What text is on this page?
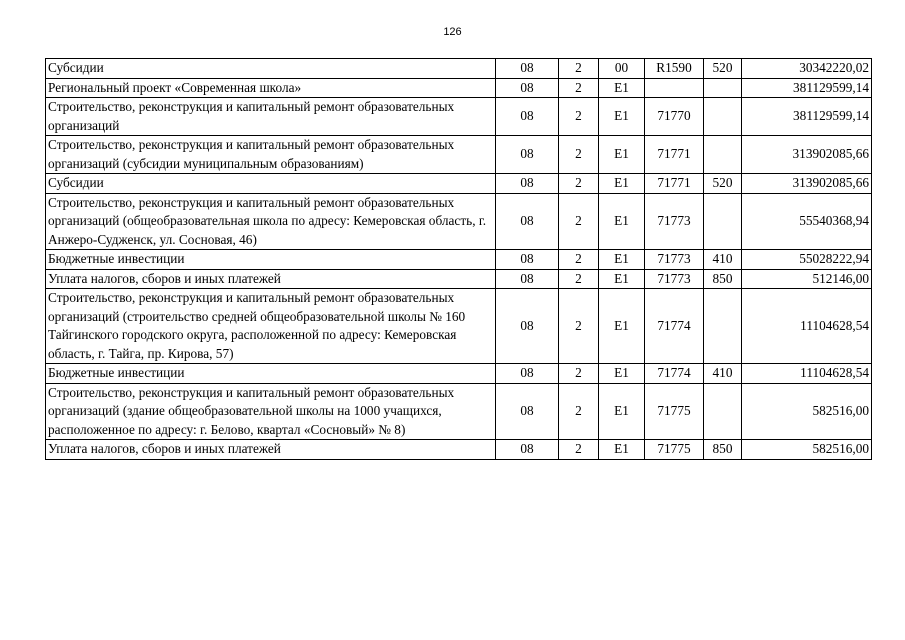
126
Субсидии	08	2	00	R1590	520	30342220,02
Региональный проект «Современная школа»	08	2	E1			381129599,14
Строительство, реконструкция и капитальный ремонт образовательных организаций	08	2	E1	71770		381129599,14
Строительство, реконструкция и капитальный ремонт образовательных организаций (субсидии муниципальным образованиям)	08	2	E1	71771		313902085,66
Субсидии	08	2	E1	71771	520	313902085,66
Строительство, реконструкция и капитальный ремонт образовательных организаций (общеобразовательная школа по адресу: Кемеровская область, г. Анжеро-Судженск, ул. Сосновая, 46)	08	2	E1	71773		55540368,94
Бюджетные инвестиции	08	2	E1	71773	410	55028222,94
Уплата налогов, сборов и иных платежей	08	2	E1	71773	850	512146,00
Строительство, реконструкция и капитальный ремонт образовательных организаций (строительство средней общеобразовательной школы № 160 Тайгинского городского округа, расположенной по адресу: Кемеровская область, г. Тайга, пр. Кирова, 57)	08	2	E1	71774		11104628,54
Бюджетные инвестиции	08	2	E1	71774	410	11104628,54
Строительство, реконструкция и капитальный ремонт образовательных организаций (здание общеобразовательной школы на 1000 учащихся, расположенное по адресу: г. Белово, квартал «Сосновый» № 8)	08	2	E1	71775		582516,00
Уплата налогов, сборов и иных платежей	08	2	E1	71775	850	582516,00
